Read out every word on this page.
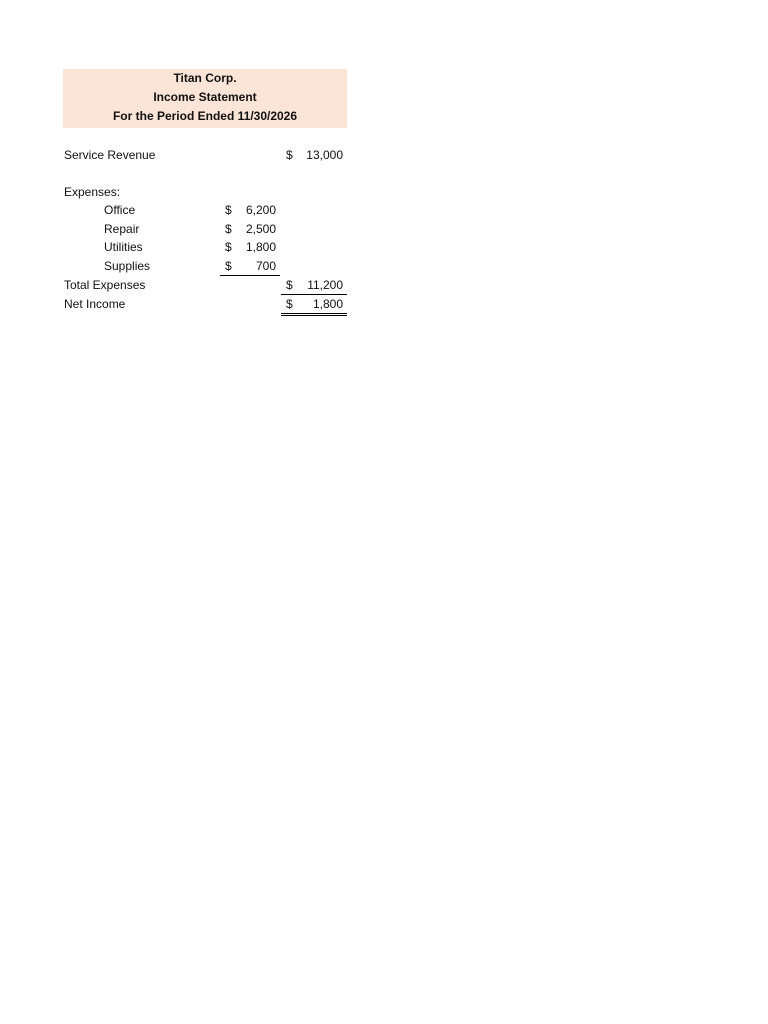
Titan Corp.
Income Statement
For the Period Ended 11/30/2026
Service Revenue	$ 13,000
Expenses:
Office	$ 6,200
Repair	$ 2,500
Utilities	$ 1,800
Supplies	$ 700
Total Expenses	$ 11,200
Net Income	$ 1,800
